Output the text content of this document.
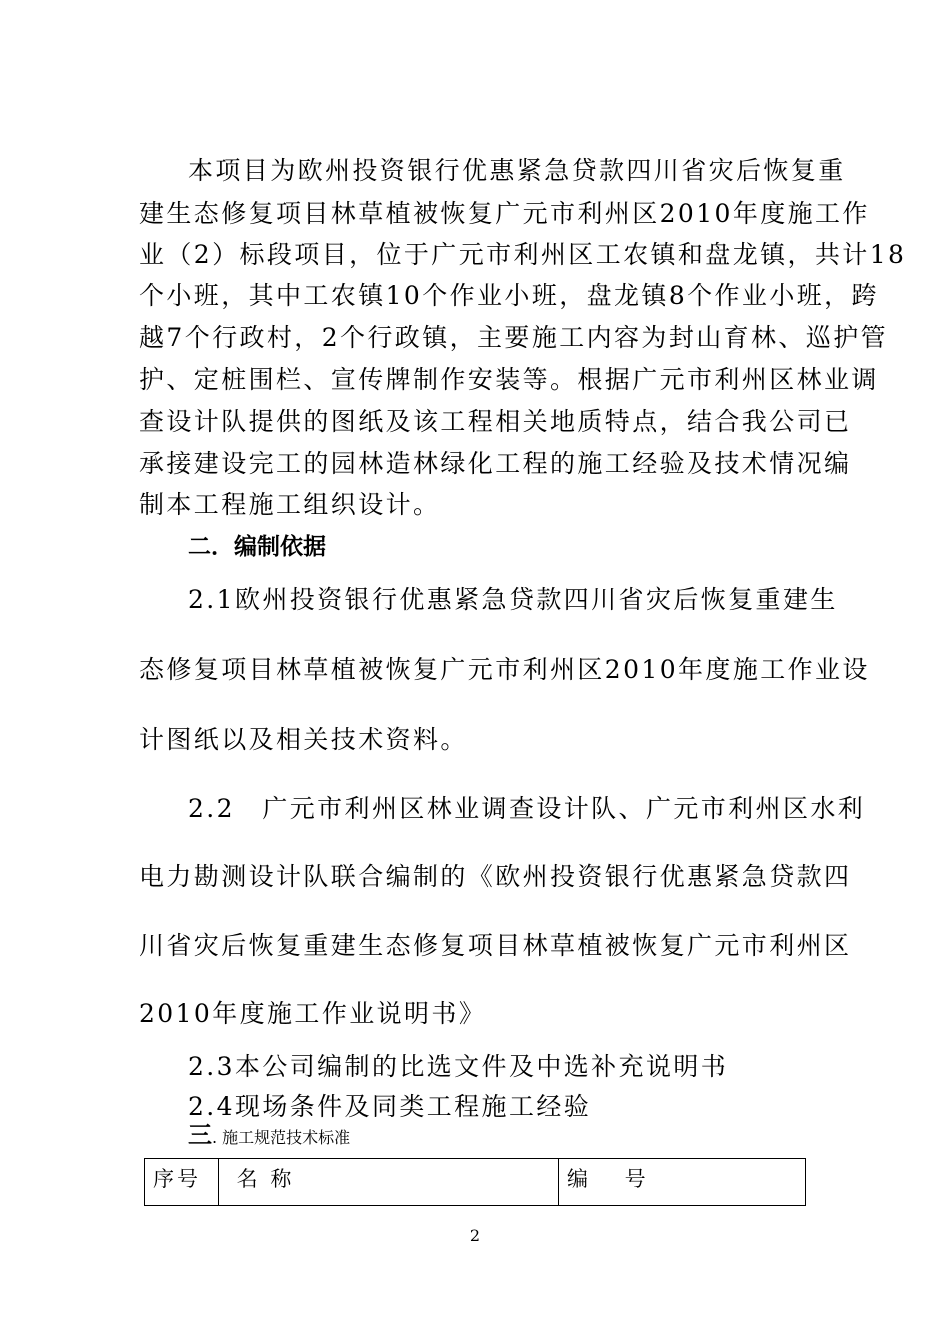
本项目为欧州投资银行优惠紧急贷款四川省灾后恢复重
建生态修复项目林草植被恢复广元市利州区2010年度施工作
业（2）标段项目，位于广元市利州区工农镇和盘龙镇，共计18
个小班，其中工农镇10个作业小班，盘龙镇8个作业小班，跨
越7个行政村，2个行政镇，主要施工内容为封山育林、巡护管
护、定桩围栏、宣传牌制作安装等。根据广元市利州区林业调
查设计队提供的图纸及该工程相关地质特点，结合我公司已
承接建设完工的园林造林绿化工程的施工经验及技术情况编
制本工程施工组织设计。
二．编制依据
2.1欧州投资银行优惠紧急贷款四川省灾后恢复重建生
态修复项目林草植被恢复广元市利州区2010年度施工作业设
计图纸以及相关技术资料。
2.2　广元市利州区林业调查设计队、广元市利州区水利
电力勘测设计队联合编制的《欧州投资银行优惠紧急贷款四
川省灾后恢复重建生态修复项目林草植被恢复广元市利州区
2010年度施工作业说明书》
2.3本公司编制的比选文件及中选补充说明书
2.4现场条件及同类工程施工经验
三. 施工规范技术标准
序号	名 称	编　 号
2
